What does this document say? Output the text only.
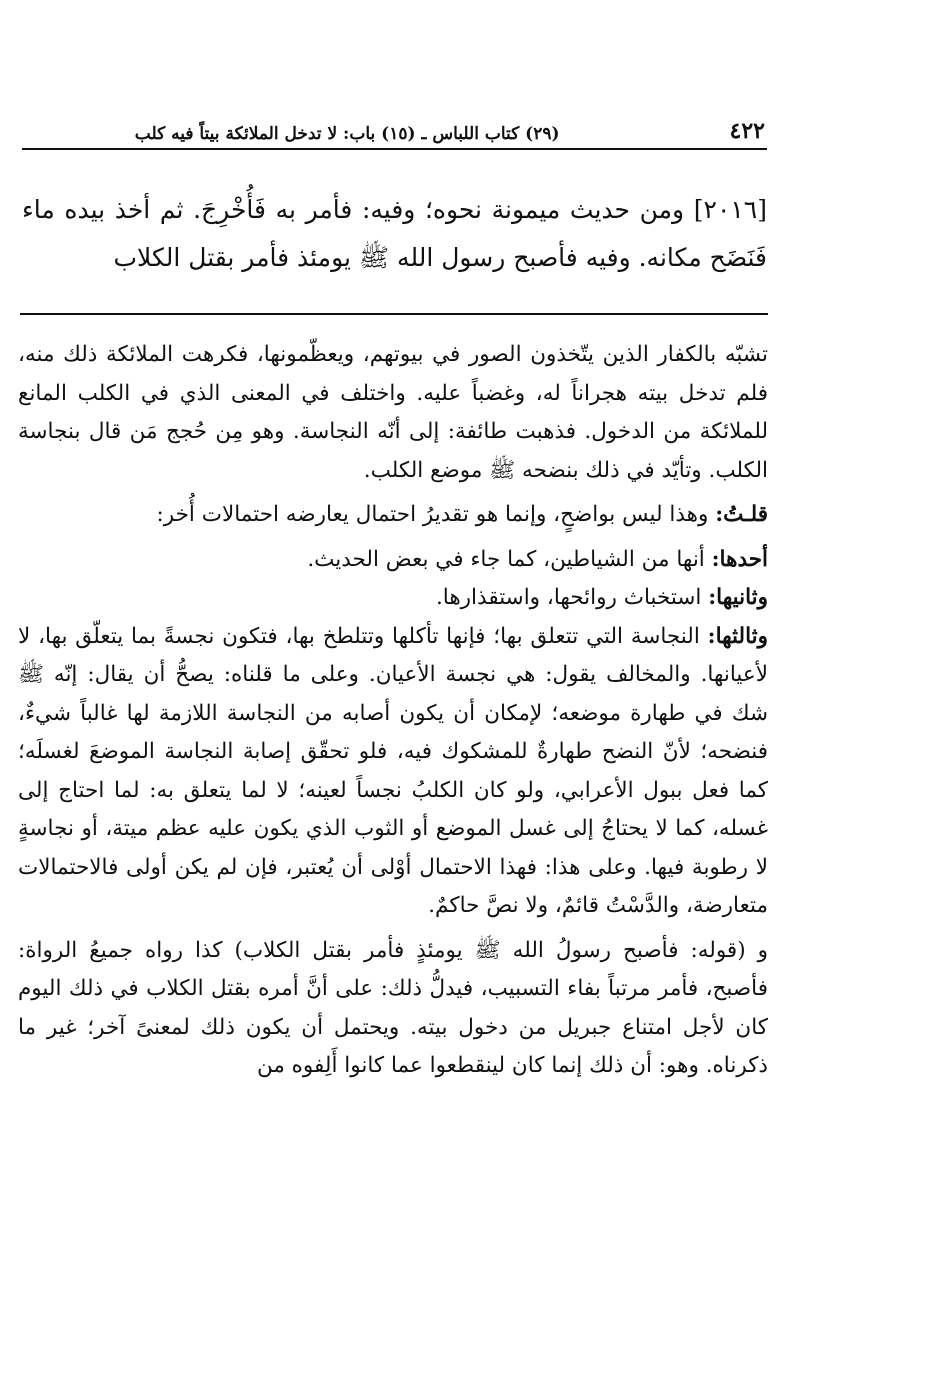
٤٢٢
(٢٩) كتاب اللباس ـ (١٥) باب: لا تدخل الملائكة بيتاً فيه كلب
[٢٠١٦] ومن حديث ميمونة نحوه؛ وفيه: فأمر به فَأُخْرِجَ. ثم أخذ بيده ماء فَنَضَح مكانه. وفيه فأصبح رسول الله ﷺ يومئذ فأمر بقتل الكلاب

تشبّه بالكفار الذين يتّخذون الصور في بيوتهم، ويعظّمونها، فكرهت الملائكة ذلك منه، فلم تدخل بيته هجراناً له، وغضباً عليه. واختلف في المعنى الذي في الكلب المانع للملائكة من الدخول. فذهبت طائفة: إلى أنّه النجاسة. وهو مِن حُجج مَن قال بنجاسة الكلب. وتأيّد في ذلك بنضحه ﷺ موضع الكلب.

قلـتُ: وهذا ليس بواضحٍ، وإنما هو تقديرُ احتمال يعارضه احتمالات أُخر:

أحدها: أنها من الشياطين، كما جاء في بعض الحديث.

وثانيها: استخباث روائحها، واستقذارها.

وثالثها: النجاسة التي تتعلق بها؛ فإنها تأكلها وتتلطخ بها، فتكون نجسةً بما يتعلّق بها، لا لأعيانها. والمخالف يقول: هي نجسة الأعيان. وعلى ما قلناه: يصحُّ أن يقال: إنّه ﷺ شك في طهارة موضعه؛ لإمكان أن يكون أصابه من النجاسة اللازمة لها غالباً شيءٌ، فنضحه؛ لأنّ النضح طهارةٌ للمشكوك فيه، فلو تحقّق إصابة النجاسة الموضعَ لغسلَه؛ كما فعل ببول الأعرابي، ولو كان الكلبُ نجساً لعينه؛ لا لما يتعلق به: لما احتاج إلى غسله، كما لا يحتاجُ إلى غسل الموضع أو الثوب الذي يكون عليه عظم ميتة، أو نجاسةٍ لا رطوبة فيها. وعلى هذا: فهذا الاحتمال أوْلى أن يُعتبر، فإن لم يكن أولى فالاحتمالات متعارضة، والدَّسْتُ قائمٌ، ولا نصَّ حاكمٌ.

و (قوله: فأصبح رسولُ الله ﷺ يومئذٍ فأمر بقتل الكلاب) كذا رواه جميعُ الرواة: فأصبح، فأمر مرتباً بفاء التسبيب، فيدلُّ ذلك: على أنَّ أمره بقتل الكلاب في ذلك اليوم كان لأجل امتناع جبريل من دخول بيته. ويحتمل أن يكون ذلك لمعنىً آخر؛ غير ما ذكرناه. وهو: أن ذلك إنما كان لينقطعوا عما كانوا أَلِفوه من
